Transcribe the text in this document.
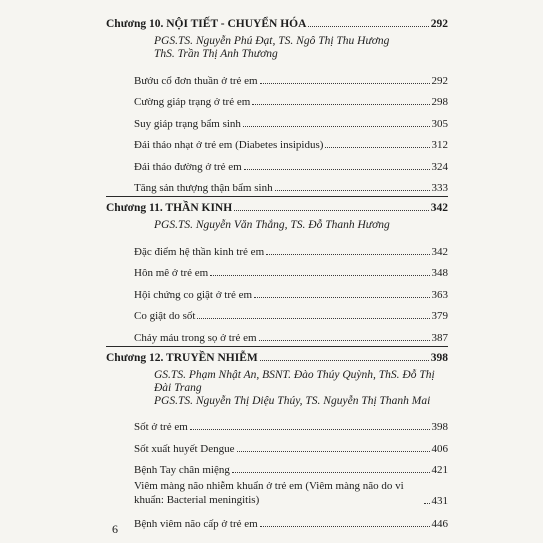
Chương 10. NỘI TIẾT - CHUYỂN HÓA	292
PGS.TS. Nguyễn Phú Đạt, TS. Ngô Thị Thu Hương
ThS. Trần Thị Anh Thương
Bướu cổ đơn thuần ở trẻ em	292
Cường giáp trạng ở trẻ em	298
Suy giáp trạng bẩm sinh	305
Đái tháo nhạt ở trẻ em (Diabetes insipidus)	312
Đái tháo đường ở trẻ em	324
Tăng sản thượng thận bẩm sinh	333
Chương 11. THẦN KINH	342
PGS.TS. Nguyễn Văn Thắng, TS. Đỗ Thanh Hương
Đặc điểm hệ thần kinh trẻ em	342
Hôn mê ở trẻ em	348
Hội chứng co giật ở trẻ em	363
Co giật do sốt	379
Chảy máu trong sọ ở trẻ em	387
Chương 12. TRUYỀN NHIỄM	398
GS.TS. Phạm Nhật An, BSNT. Đào Thúy Quỳnh, ThS. Đỗ Thị Đài Trang
PGS.TS. Nguyễn Thị Diệu Thúy, TS. Nguyễn Thị Thanh Mai
Sốt ở trẻ em	398
Sốt xuất huyết Dengue	406
Bệnh Tay chân miệng	421
Viêm màng não nhiễm khuẩn ở trẻ em (Viêm màng não do vi khuẩn: Bacterial meningitis)	431
Bệnh viêm não cấp ở trẻ em	446
6
